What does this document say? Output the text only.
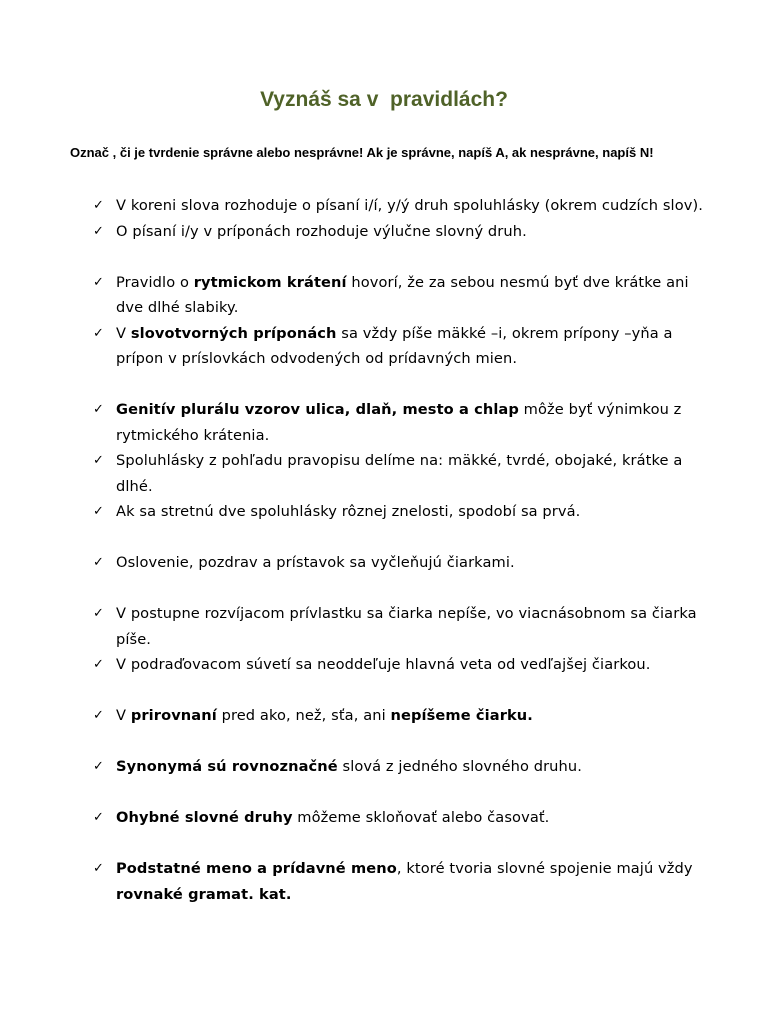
Vyznáš sa v  pravidlách?
Označ , či je tvrdenie správne alebo nesprávne! Ak je správne, napíš A, ak nesprávne, napíš N!
✓ V koreni slova rozhoduje o písaní i/í, y/ý druh spoluhlásky (okrem cudzích slov).
✓ O písaní i/y v príponách rozhoduje výlučne slovný druh.
✓ Pravidlo o rytmickom krátení hovorí, že za sebou nesmú byť dve krátke ani dve dlhé slabiky.
✓ V slovotvorných príponách sa vždy píše mäkké –i, okrem prípony –yňa a prípon v príslovkách odvodených od prídavných mien.
✓ Genitív plurálu vzorov ulica, dlaň, mesto a chlap môže byť výnimkou z rytmického krátenia.
✓ Spoluhlásky z pohľadu pravopisu delíme na: mäkké, tvrdé, obojaké, krátke a dlhé.
✓ Ak sa stretnú dve spoluhlásky rôznej znelosti, spodobí sa prvá.
✓ Oslovenie, pozdrav a prístavok sa vyčleňujú čiarkami.
✓ V postupne rozvíjacom prívlastku sa čiarka nepíše, vo viacnásobnom sa čiarka píše.
✓ V podraďovacom súvetí sa neoddeľuje hlavná veta od vedľajšej čiarkou.
✓ V prirovnaní pred ako, než, sťa, ani nepíšeme čiarku.
✓ Synonymá sú rovnoznačné slová z jedného slovného druhu.
✓ Ohybné slovné druhy môžeme skloňovať alebo časovať.
✓ Podstatné meno a prídavné meno, ktoré tvoria slovné spojenie majú vždy rovnaké gramat. kat.
